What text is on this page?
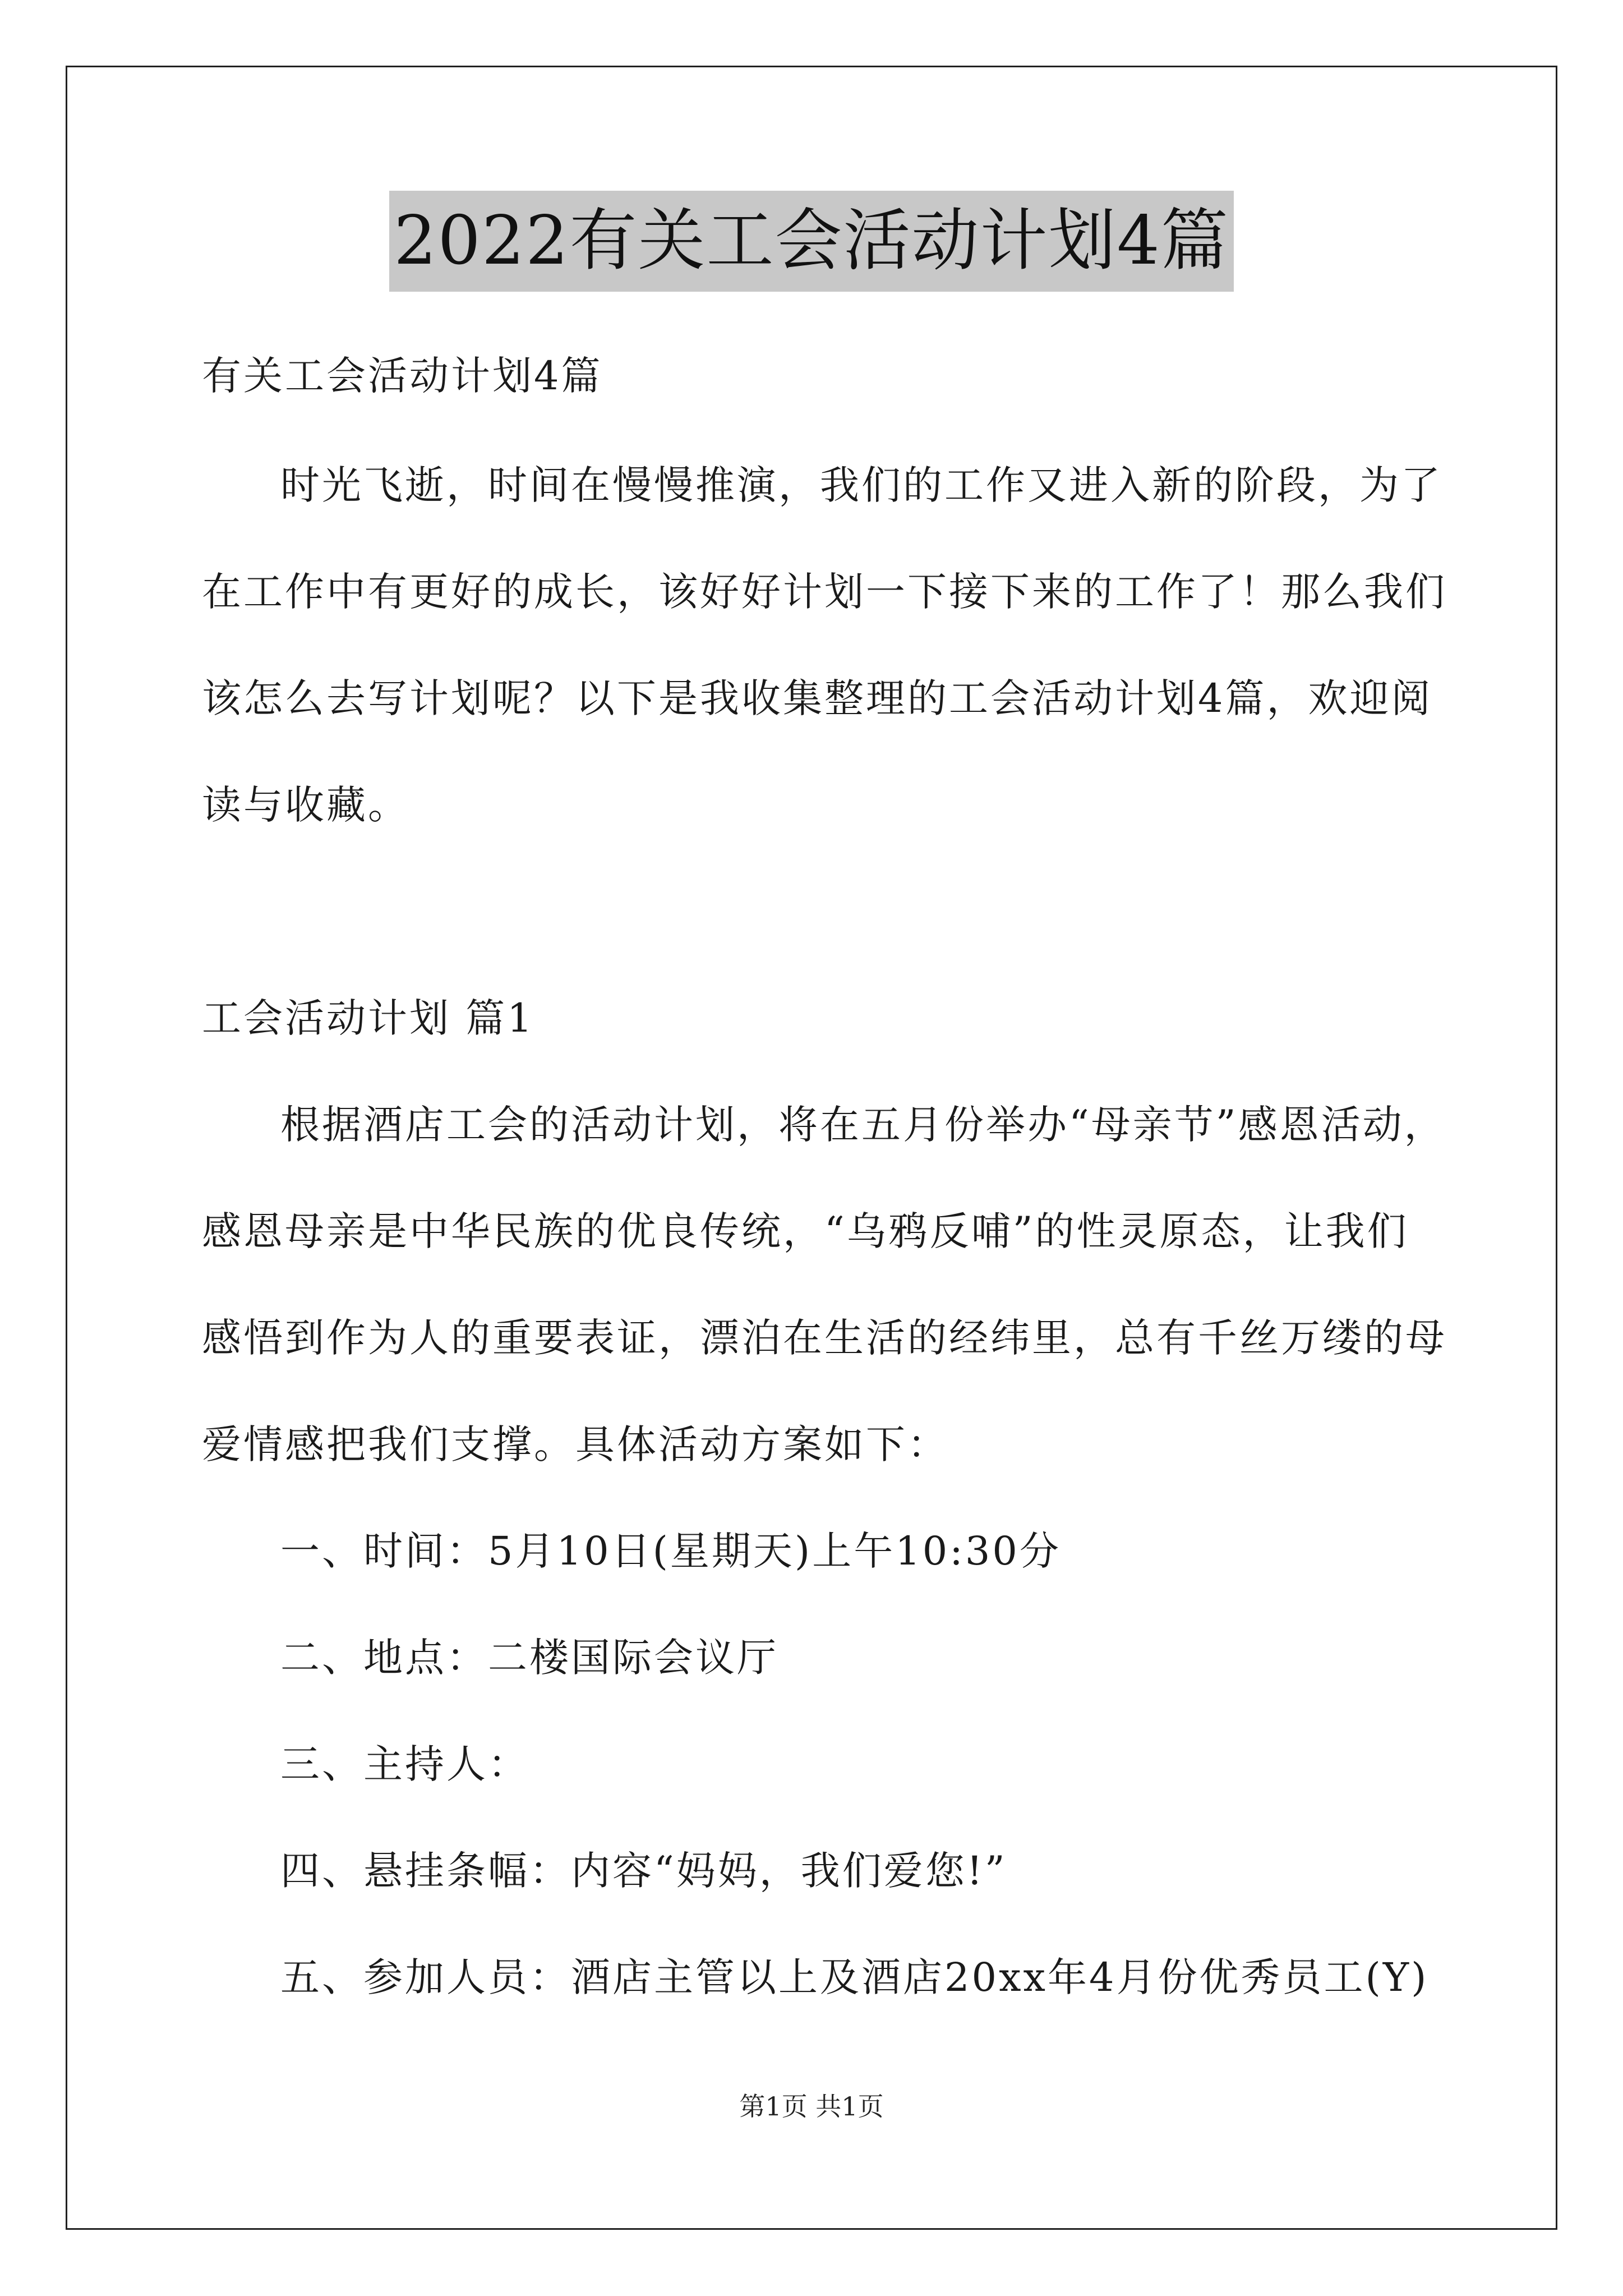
2022有关工会活动计划4篇
有关工会活动计划4篇
时光飞逝，时间在慢慢推演，我们的工作又进入新的阶段，为了
在工作中有更好的成长，该好好计划一下接下来的工作了！那么我们
该怎么去写计划呢？以下是我收集整理的工会活动计划4篇，欢迎阅
读与收藏。
工会活动计划 篇1
根据酒店工会的活动计划，将在五月份举办“母亲节”感恩活动，
感恩母亲是中华民族的优良传统，“乌鸦反哺”的性灵原态，让我们
感悟到作为人的重要表证，漂泊在生活的经纬里，总有千丝万缕的母
爱情感把我们支撑。具体活动方案如下：
一、时间：5月10日(星期天)上午10:30分
二、地点：二楼国际会议厅
三、主持人：
四、悬挂条幅：内容“妈妈，我们爱您!”
五、参加人员：酒店主管以上及酒店20xx年4月份优秀员工(Y)
第1页 共1页
